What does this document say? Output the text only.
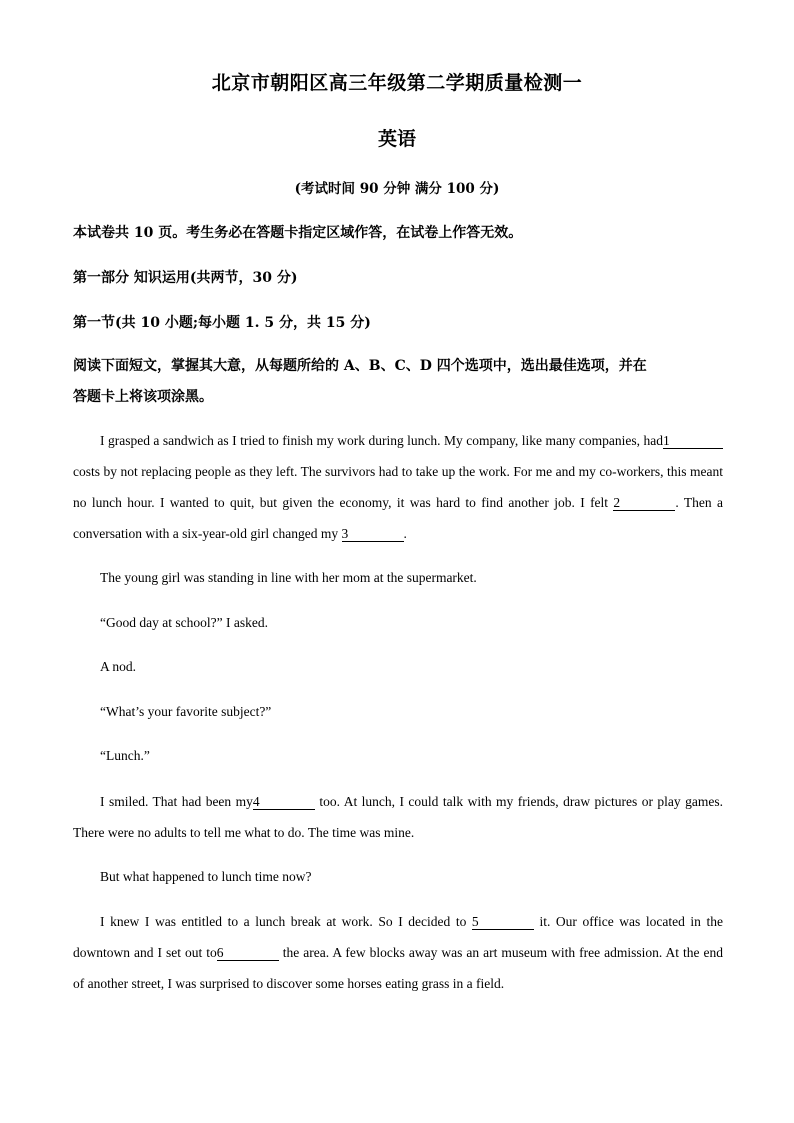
北京市朝阳区高三年级第二学期质量检测一
英语
(考试时间 90 分钟 满分 100 分)
本试卷共 10 页。考生务必在答题卡指定区域作答，在试卷上作答无效。
第一部分 知识运用(共两节，30 分)
第一节(共 10 小题;每小题 1. 5 分，共 15 分)
阅读下面短文，掌握其大意，从每题所给的 A、B、C、D 四个选项中，选出最佳选项，并在
答题卡上将该项涂黑。
I grasped a sandwich as I tried to finish my work during lunch. My company, like many companies, had1 costs by not replacing people as they left. The survivors had to take up the work. For me and my co-workers, this meant no lunch hour. I wanted to quit, but given the economy, it was hard to find another job. I felt 2	. Then a conversation with a six-year-old girl changed my 3	.
The young girl was standing in line with her mom at the supermarket.
“Good day at school?” I asked.
A nod.
“What’s your favorite subject?”
“Lunch.”
I smiled. That had been my4	too. At lunch, I could talk with my friends, draw pictures or play games. There were no adults to tell me what to do. The time was mine.
But what happened to lunch time now?
I knew I was entitled to a lunch break at work. So I decided to 5	it. Our office was located in the downtown and I set out to6	the area. A few blocks away was an art museum with free admission. At the end of another street, I was surprised to discover some horses eating grass in a field.
